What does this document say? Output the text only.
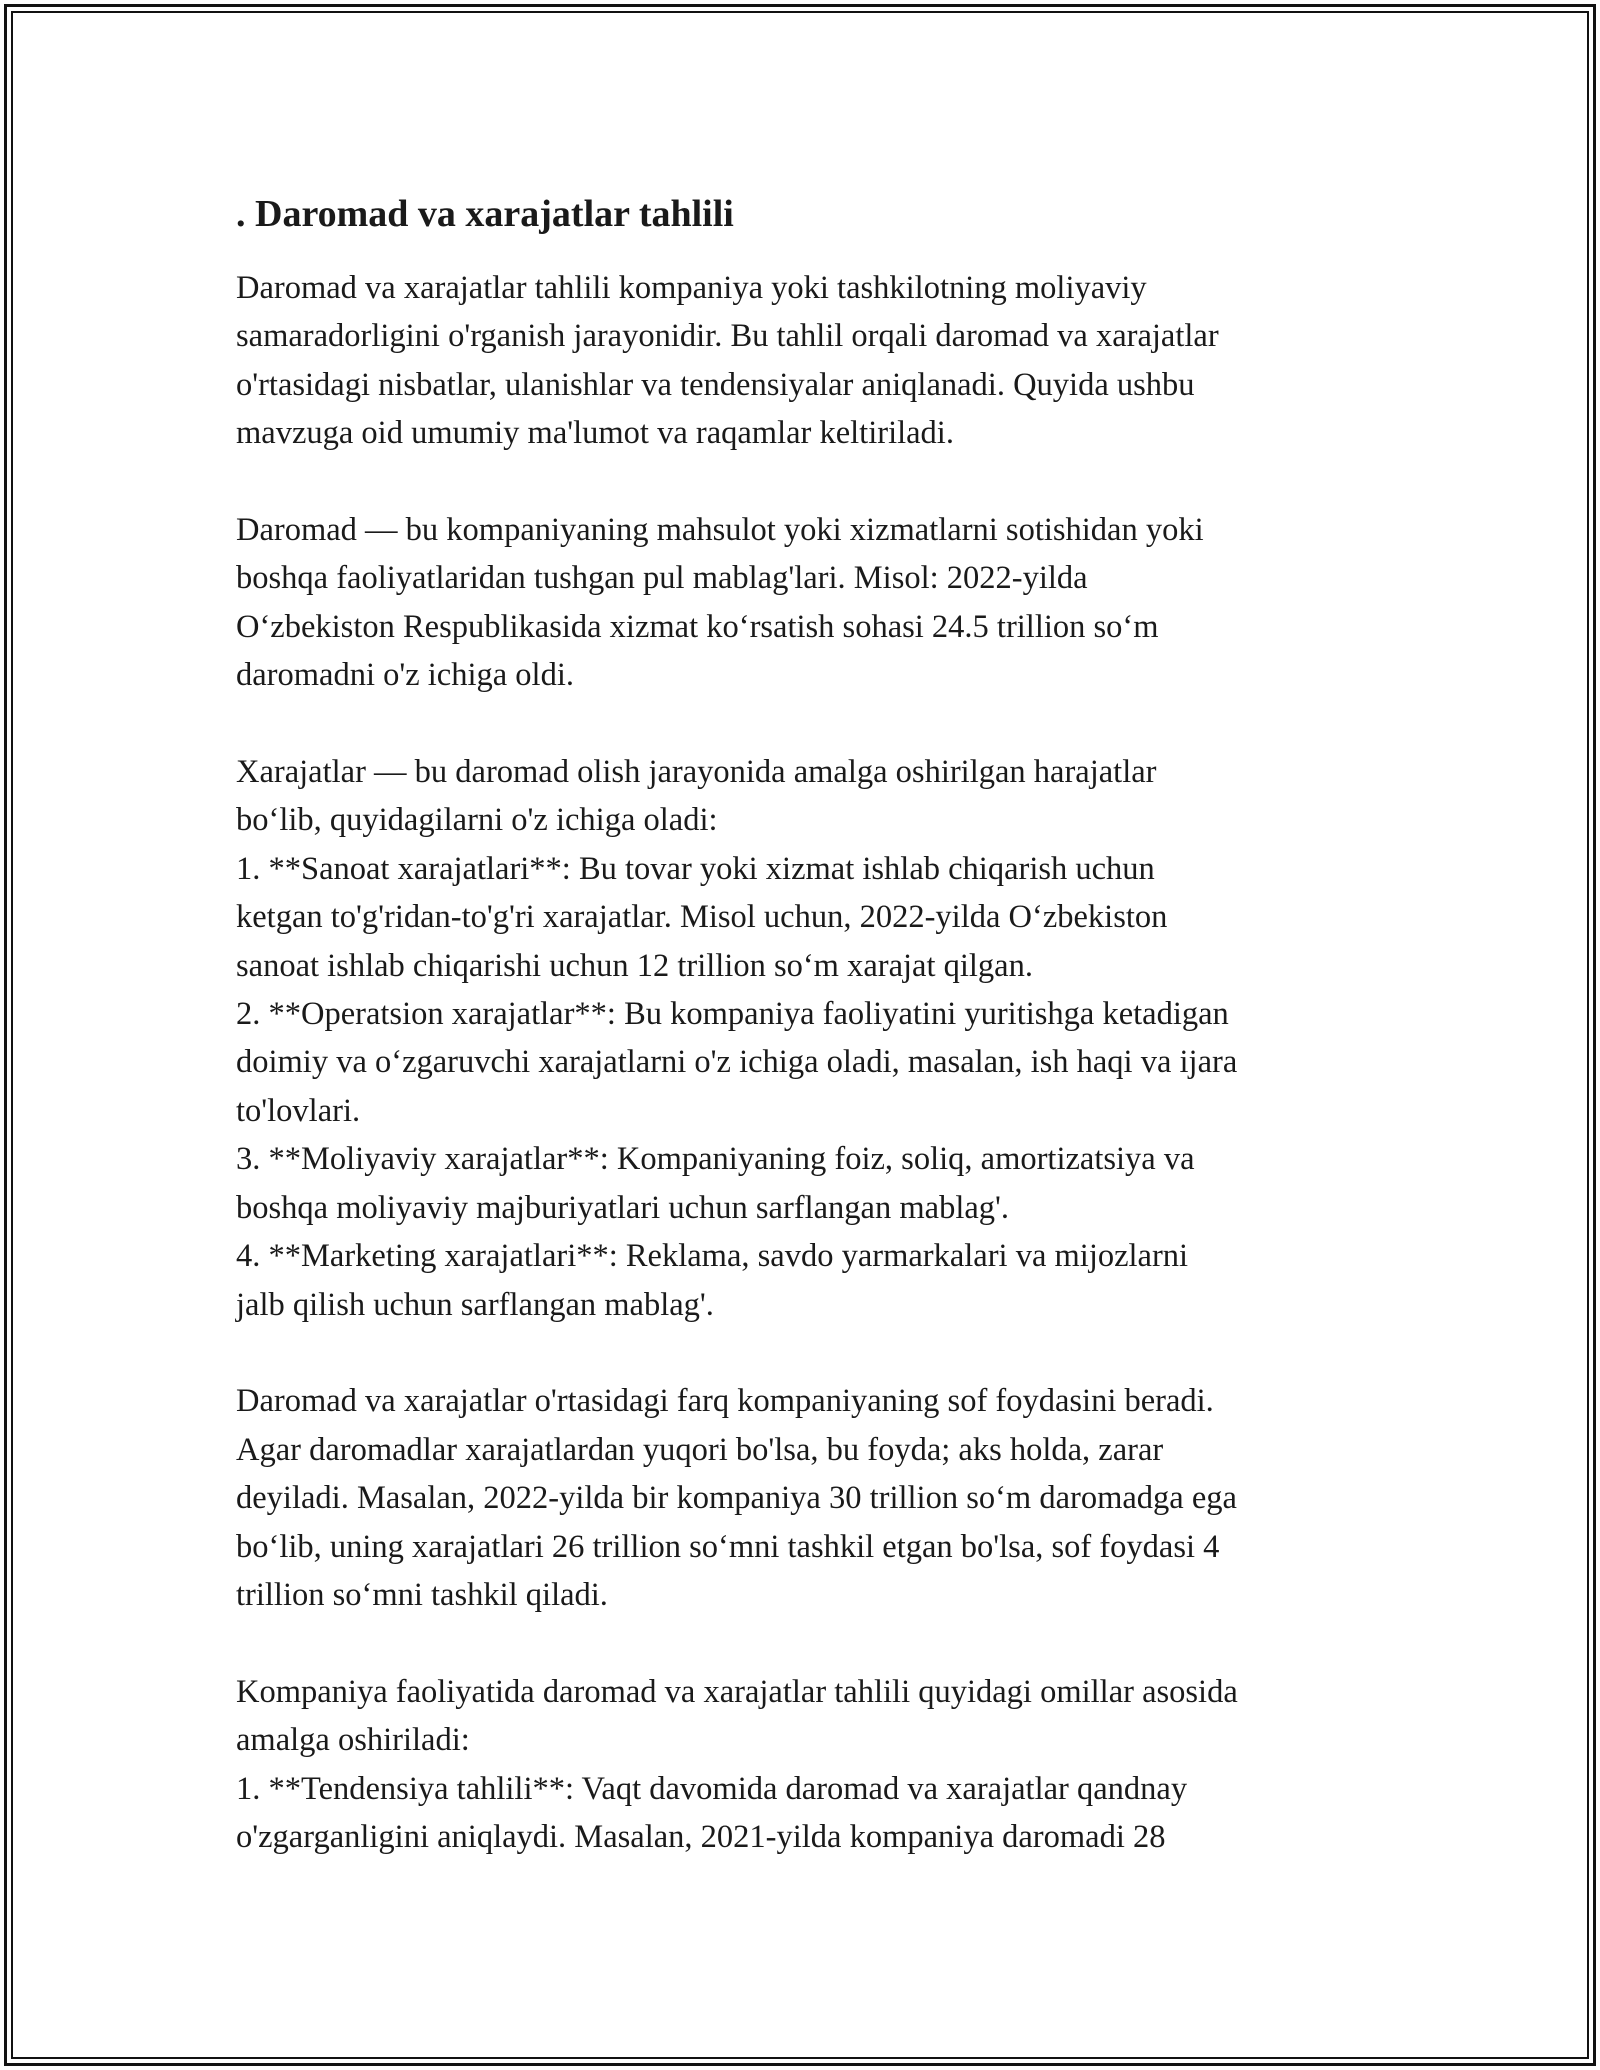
. Daromad va xarajatlar tahlili
Daromad va xarajatlar tahlili kompaniya yoki tashkilotning moliyaviy
samaradorligini o'rganish jarayonidir. Bu tahlil orqali daromad va xarajatlar
o'rtasidagi nisbatlar, ulanishlar va tendensiyalar aniqlanadi. Quyida ushbu
mavzuga oid umumiy ma'lumot va raqamlar keltiriladi.
Daromad — bu kompaniyaning mahsulot yoki xizmatlarni sotishidan yoki
boshqa faoliyatlaridan tushgan pul mablag'lari. Misol: 2022-yilda
O‘zbekiston Respublikasida xizmat ko‘rsatish sohasi 24.5 trillion so‘m
daromadni o'z ichiga oldi.
Xarajatlar — bu daromad olish jarayonida amalga oshirilgan harajatlar
bo‘lib, quyidagilarni o'z ichiga oladi:
1. **Sanoat xarajatlari**: Bu tovar yoki xizmat ishlab chiqarish uchun
ketgan to'g'ridan-to'g'ri xarajatlar. Misol uchun, 2022-yilda O‘zbekiston
sanoat ishlab chiqarishi uchun 12 trillion so‘m xarajat qilgan.
2. **Operatsion xarajatlar**: Bu kompaniya faoliyatini yuritishga ketadigan
doimiy va o‘zgaruvchi xarajatlarni o'z ichiga oladi, masalan, ish haqi va ijara
to'lovlari.
3. **Moliyaviy xarajatlar**: Kompaniyaning foiz, soliq, amortizatsiya va
boshqa moliyaviy majburiyatlari uchun sarflangan mablag'.
4. **Marketing xarajatlari**: Reklama, savdo yarmarkalari va mijozlarni
jalb qilish uchun sarflangan mablag'.
Daromad va xarajatlar o'rtasidagi farq kompaniyaning sof foydasini beradi.
Agar daromadlar xarajatlardan yuqori bo'lsa, bu foyda; aks holda, zarar
deyiladi. Masalan, 2022-yilda bir kompaniya 30 trillion so‘m daromadga ega
bo‘lib, uning xarajatlari 26 trillion so‘mni tashkil etgan bo'lsa, sof foydasi 4
trillion so‘mni tashkil qiladi.
Kompaniya faoliyatida daromad va xarajatlar tahlili quyidagi omillar asosida
amalga oshiriladi:
1. **Tendensiya tahlili**: Vaqt davomida daromad va xarajatlar qandnay
o'zgarganligini aniqlaydi. Masalan, 2021-yilda kompaniya daromadi 28
